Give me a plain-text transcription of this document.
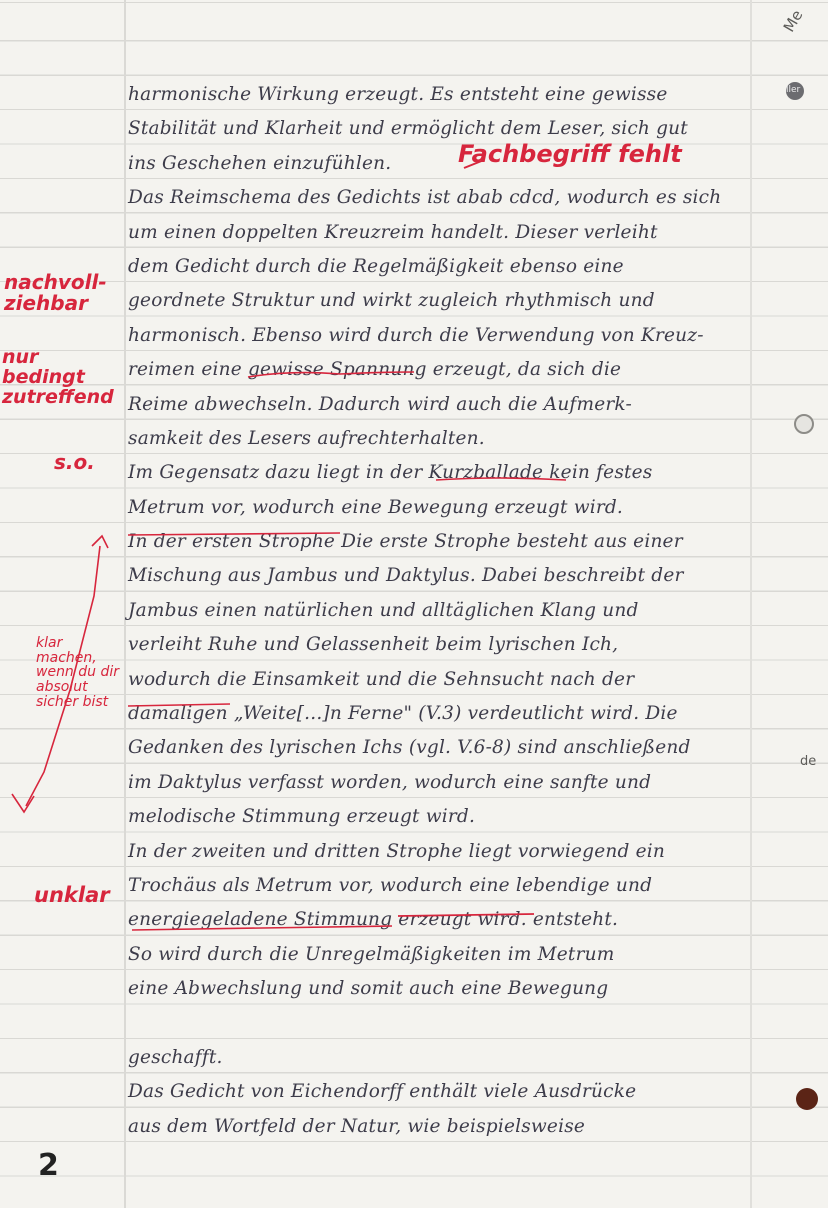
Me
ller
de
harmonische Wirkung erzeugt. Es entsteht eine gewisse
Stabilität und Klarheit und ermöglicht dem Leser, sich gut
ins Geschehen einzufühlen.
Das Reimschema des Gedichts ist abab cdcd, wodurch es sich
um einen doppelten Kreuzreim handelt. Dieser verleiht
dem Gedicht durch die Regelmäßigkeit ebenso eine
geordnete Struktur und wirkt zugleich rhythmisch und
harmonisch. Ebenso wird durch die Verwendung von Kreuz-
reimen eine gewisse Spannung erzeugt, da sich die
Reime abwechseln. Dadurch wird auch die Aufmerk-
samkeit des Lesers aufrechterhalten.
Im Gegensatz dazu liegt in der Kurzballade kein festes
Metrum vor, wodurch eine Bewegung erzeugt wird.
In der ersten Strophe Die erste Strophe besteht aus einer
Mischung aus Jambus und Daktylus. Dabei beschreibt der
Jambus einen natürlichen und alltäglichen Klang und
verleiht Ruhe und Gelassenheit beim lyrischen Ich,
wodurch die Einsamkeit und die Sehnsucht nach der
damaligen „Weite[...]n Ferne" (V.3) verdeutlicht wird. Die
Gedanken des lyrischen Ichs (vgl. V.6-8) sind anschließend
im Daktylus verfasst worden, wodurch eine sanfte und
melodische Stimmung erzeugt wird.
In der zweiten und dritten Strophe liegt vorwiegend ein
Trochäus als Metrum vor, wodurch eine lebendige und
energiegeladene Stimmung erzeugt wird. entsteht.
So wird durch die Unregelmäßigkeiten im Metrum
eine Abwechslung und somit auch eine Bewegung
geschafft.
Das Gedicht von Eichendorff enthält viele Ausdrücke
aus dem Wortfeld der Natur, wie beispielsweise
Fachbegriff fehlt
nachvoll- ziehbar
nur bedingt zutreffend
s.o.
klar machen, wenn du dir absolut sicher bist
unklar
2
